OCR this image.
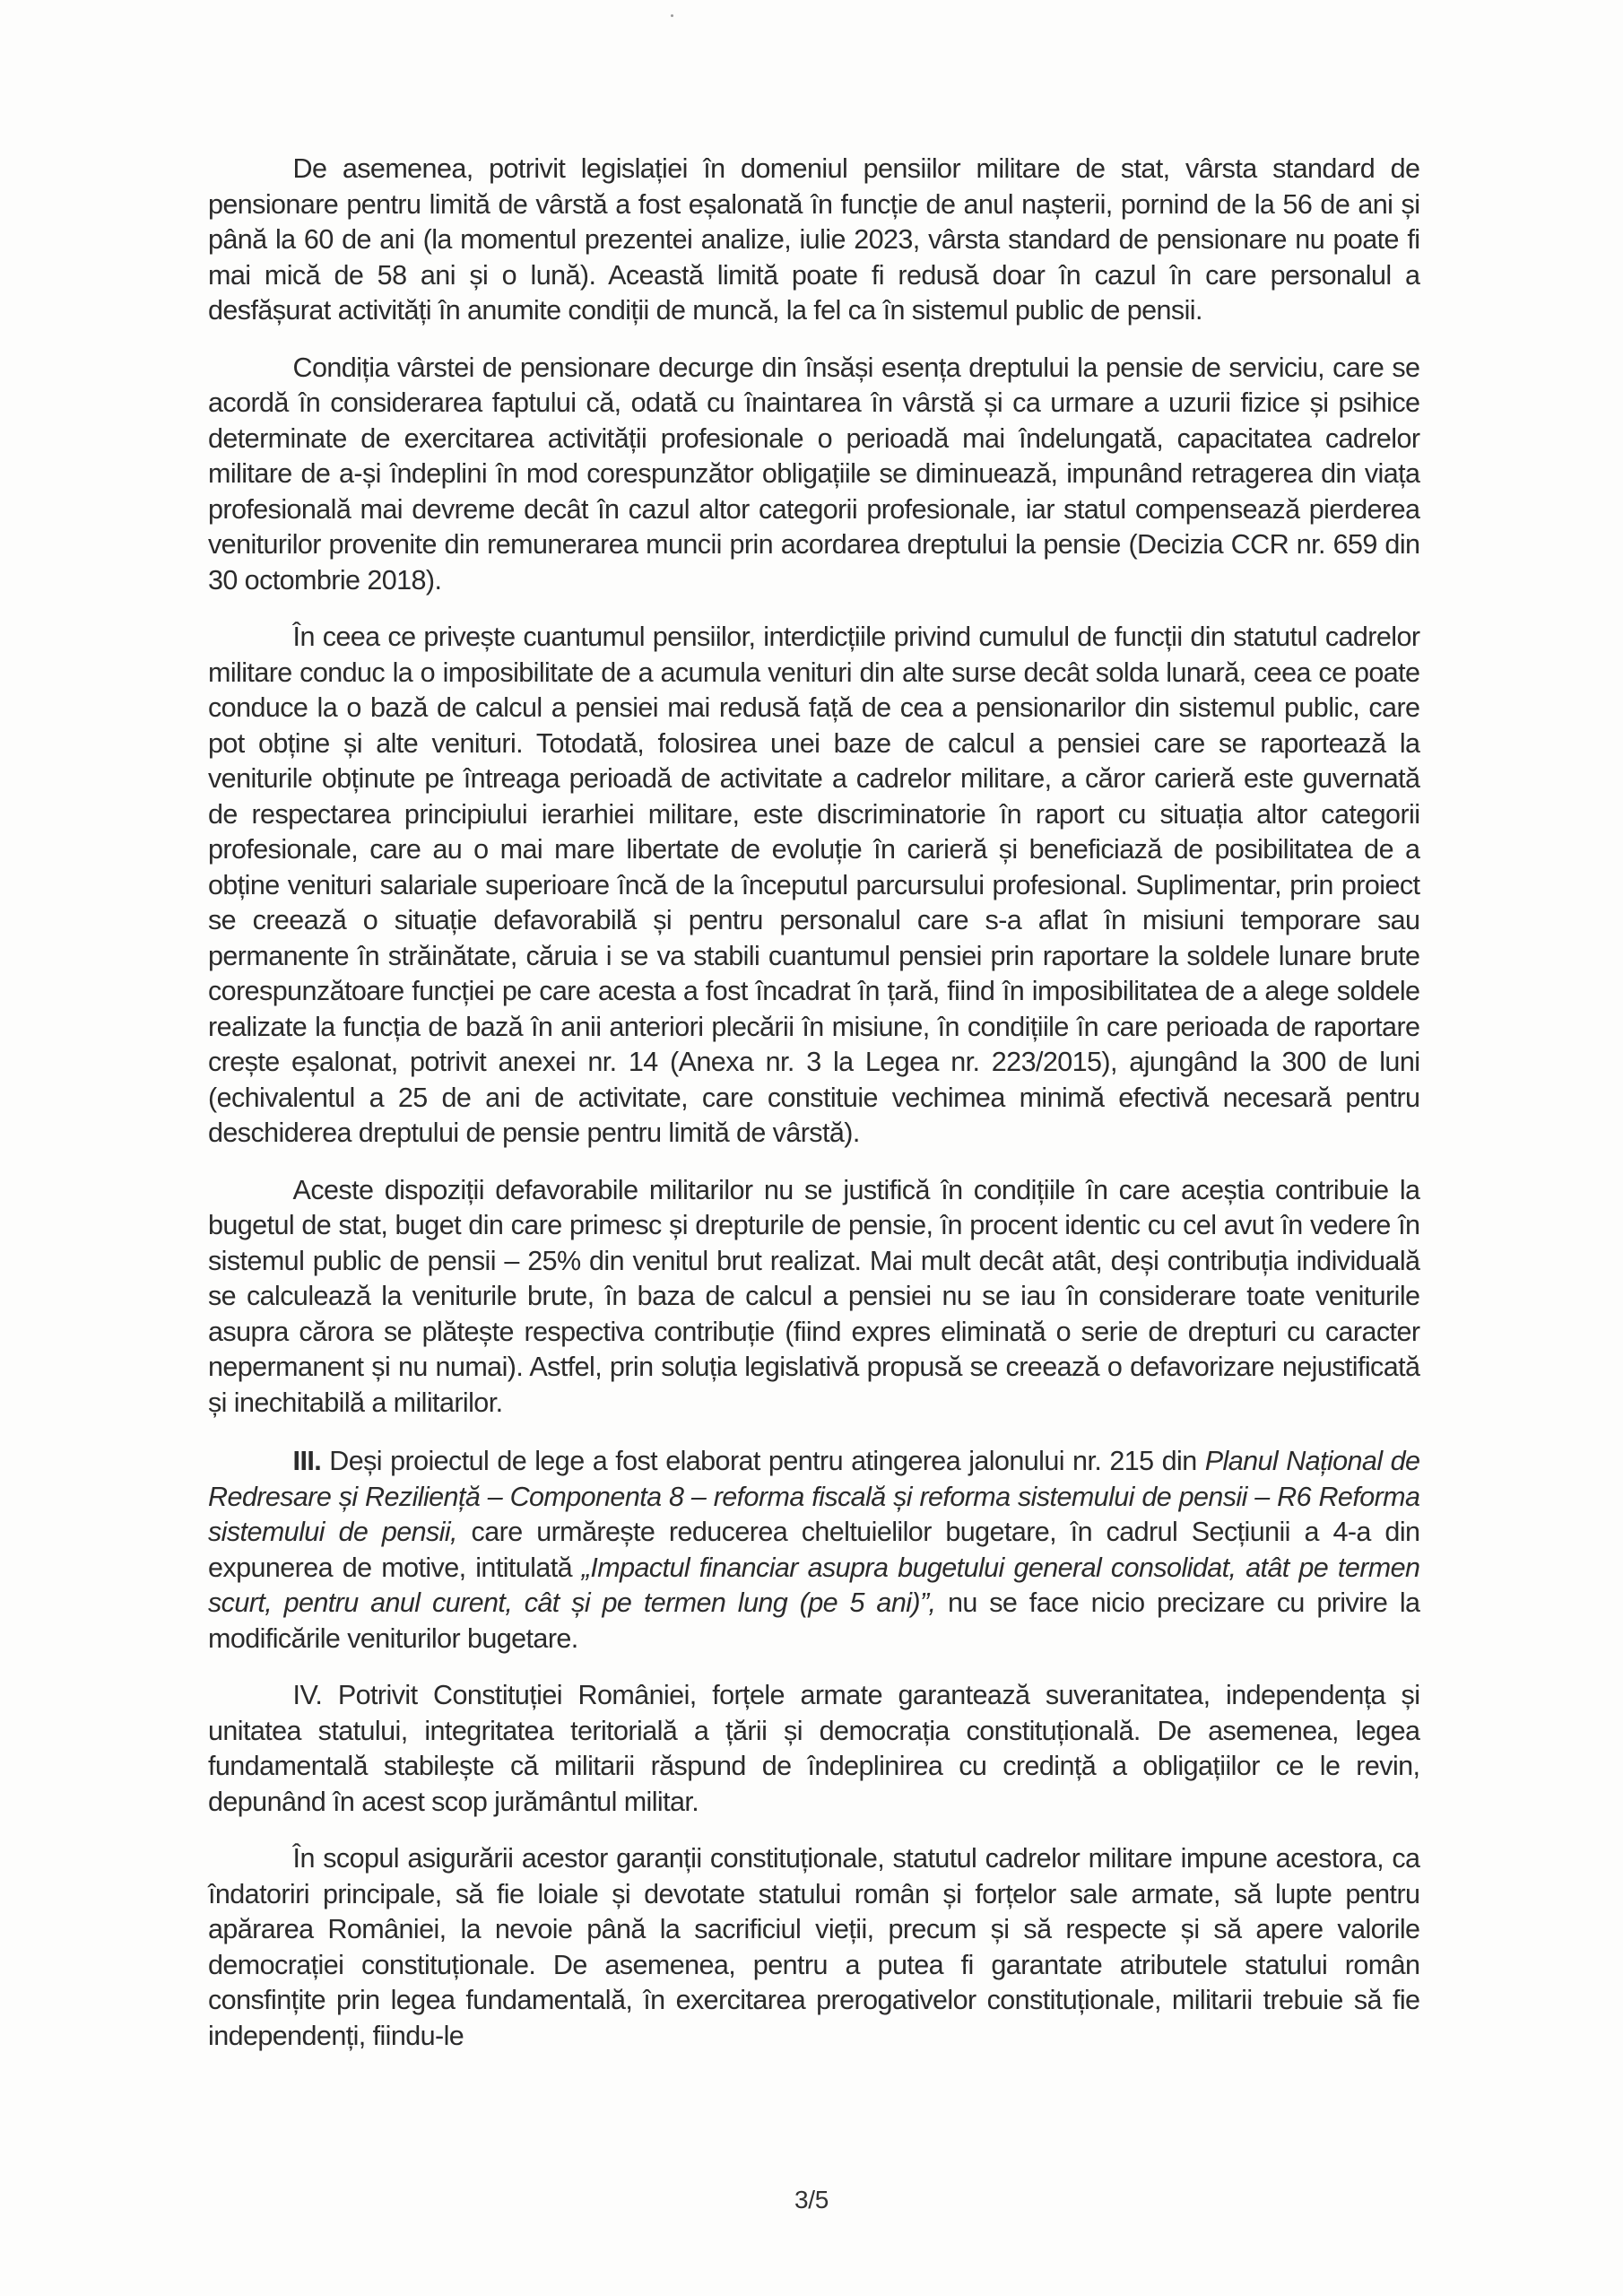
De asemenea, potrivit legislației în domeniul pensiilor militare de stat, vârsta standard de pensionare pentru limită de vârstă a fost eșalonată în funcție de anul nașterii, pornind de la 56 de ani și până la 60 de ani (la momentul prezentei analize, iulie 2023, vârsta standard de pensionare nu poate fi mai mică de 58 ani și o lună). Această limită poate fi redusă doar în cazul în care personalul a desfășurat activități în anumite condiții de muncă, la fel ca în sistemul public de pensii.

Condiția vârstei de pensionare decurge din însăși esența dreptului la pensie de serviciu, care se acordă în considerarea faptului că, odată cu înaintarea în vârstă și ca urmare a uzurii fizice și psihice determinate de exercitarea activității profesionale o perioadă mai îndelungată, capacitatea cadrelor militare de a-și îndeplini în mod corespunzător obligațiile se diminuează, impunând retragerea din viața profesională mai devreme decât în cazul altor categorii profesionale, iar statul compensează pierderea veniturilor provenite din remunerarea muncii prin acordarea dreptului la pensie (Decizia CCR nr. 659 din 30 octombrie 2018).

În ceea ce privește cuantumul pensiilor, interdicțiile privind cumulul de funcții din statutul cadrelor militare conduc la o imposibilitate de a acumula venituri din alte surse decât solda lunară, ceea ce poate conduce la o bază de calcul a pensiei mai redusă față de cea a pensionarilor din sistemul public, care pot obține și alte venituri. Totodată, folosirea unei baze de calcul a pensiei care se raportează la veniturile obținute pe întreaga perioadă de activitate a cadrelor militare, a căror carieră este guvernată de respectarea principiului ierarhiei militare, este discriminatorie în raport cu situația altor categorii profesionale, care au o mai mare libertate de evoluție în carieră și beneficiază de posibilitatea de a obține venituri salariale superioare încă de la începutul parcursului profesional. Suplimentar, prin proiect se creează o situație defavorabilă și pentru personalul care s-a aflat în misiuni temporare sau permanente în străinătate, căruia i se va stabili cuantumul pensiei prin raportare la soldele lunare brute corespunzătoare funcției pe care acesta a fost încadrat în țară, fiind în imposibilitatea de a alege soldele realizate la funcția de bază în anii anteriori plecării în misiune, în condițiile în care perioada de raportare crește eșalonat, potrivit anexei nr. 14 (Anexa nr. 3 la Legea nr. 223/2015), ajungând la 300 de luni (echivalentul a 25 de ani de activitate, care constituie vechimea minimă efectivă necesară pentru deschiderea dreptului de pensie pentru limită de vârstă).

Aceste dispoziții defavorabile militarilor nu se justifică în condițiile în care aceștia contribuie la bugetul de stat, buget din care primesc și drepturile de pensie, în procent identic cu cel avut în vedere în sistemul public de pensii – 25% din venitul brut realizat. Mai mult decât atât, deși contribuția individuală se calculează la veniturile brute, în baza de calcul a pensiei nu se iau în considerare toate veniturile asupra cărora se plătește respectiva contribuție (fiind expres eliminată o serie de drepturi cu caracter nepermanent și nu numai). Astfel, prin soluția legislativă propusă se creează o defavorizare nejustificată și inechitabilă a militarilor.

III. Deși proiectul de lege a fost elaborat pentru atingerea jalonului nr. 215 din Planul Național de Redresare și Reziliență – Componenta 8 – reforma fiscală și reforma sistemului de pensii – R6 Reforma sistemului de pensii, care urmărește reducerea cheltuielilor bugetare, în cadrul Secțiunii a 4-a din expunerea de motive, intitulată „Impactul financiar asupra bugetului general consolidat, atât pe termen scurt, pentru anul curent, cât și pe termen lung (pe 5 ani)”, nu se face nicio precizare cu privire la modificările veniturilor bugetare.

IV. Potrivit Constituției României, forțele armate garantează suveranitatea, independența și unitatea statului, integritatea teritorială a țării și democrația constituțională. De asemenea, legea fundamentală stabilește că militarii răspund de îndeplinirea cu credință a obligațiilor ce le revin, depunând în acest scop jurământul militar.

În scopul asigurării acestor garanții constituționale, statutul cadrelor militare impune acestora, ca îndatoriri principale, să fie loiale și devotate statului român și forțelor sale armate, să lupte pentru apărarea României, la nevoie până la sacrificiul vieții, precum și să respecte și să apere valorile democrației constituționale. De asemenea, pentru a putea fi garantate atributele statului român consfințite prin legea fundamentală, în exercitarea prerogativelor constituționale, militarii trebuie să fie independenți, fiindu-le

3/5
